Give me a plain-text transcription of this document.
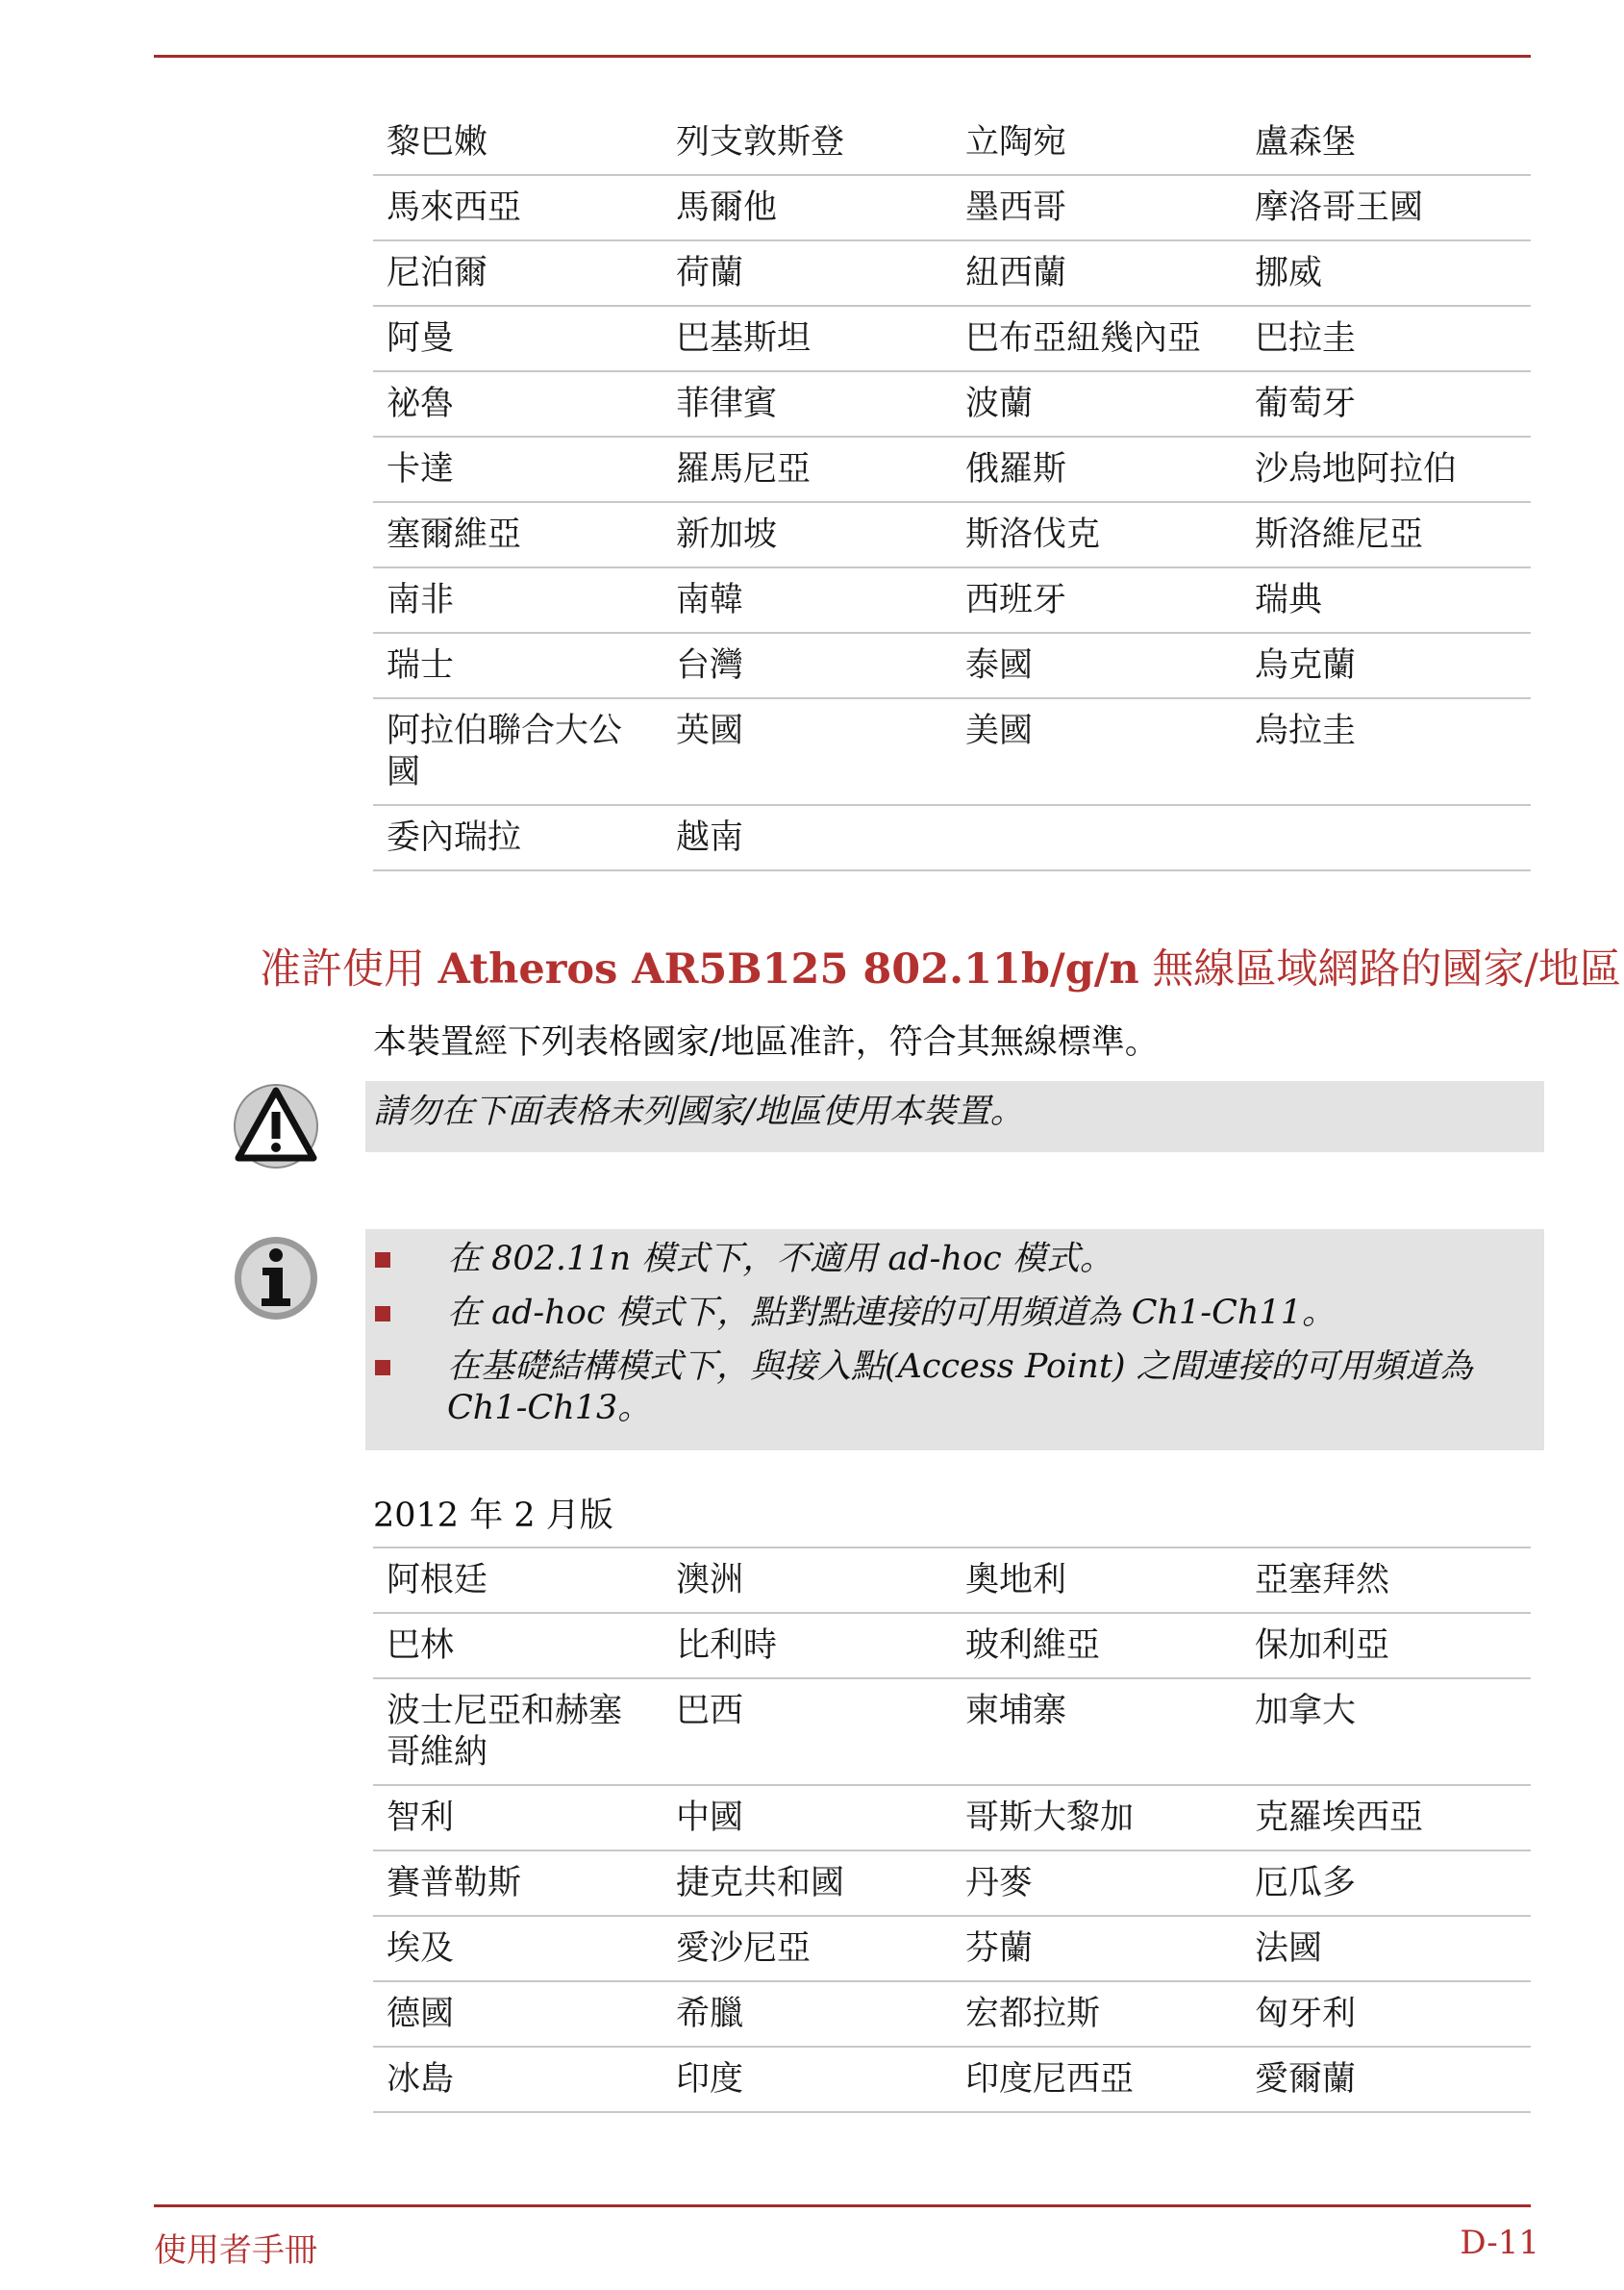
黎巴嫩	列支敦斯登	立陶宛	盧森堡
馬來西亞	馬爾他	墨西哥	摩洛哥王國
尼泊爾	荷蘭	紐西蘭	挪威
阿曼	巴基斯坦	巴布亞紐幾內亞	巴拉圭
祕魯	菲律賓	波蘭	葡萄牙
卡達	羅馬尼亞	俄羅斯	沙烏地阿拉伯
塞爾維亞	新加坡	斯洛伐克	斯洛維尼亞
南非	南韓	西班牙	瑞典
瑞士	台灣	泰國	烏克蘭
阿拉伯聯合大公國	英國	美國	烏拉圭
委內瑞拉	越南		
准許使用 Atheros AR5B125 802.11b/g/n 無線區域網路的國家/地區
本裝置經下列表格國家/地區准許，符合其無線標準。
請勿在下面表格未列國家/地區使用本裝置。
在 802.11n 模式下，不適用 ad-hoc 模式。
在 ad-hoc 模式下，點對點連接的可用頻道為 Ch1-Ch11。
在基礎結構模式下，與接入點(Access Point) 之間連接的可用頻道為 Ch1-Ch13。
2012 年 2 月版
阿根廷	澳洲	奧地利	亞塞拜然
巴林	比利時	玻利維亞	保加利亞
波士尼亞和赫塞哥維納	巴西	柬埔寨	加拿大
智利	中國	哥斯大黎加	克羅埃西亞
賽普勒斯	捷克共和國	丹麥	厄瓜多
埃及	愛沙尼亞	芬蘭	法國
德國	希臘	宏都拉斯	匈牙利
冰島	印度	印度尼西亞	愛爾蘭
使用者手冊	D-11
